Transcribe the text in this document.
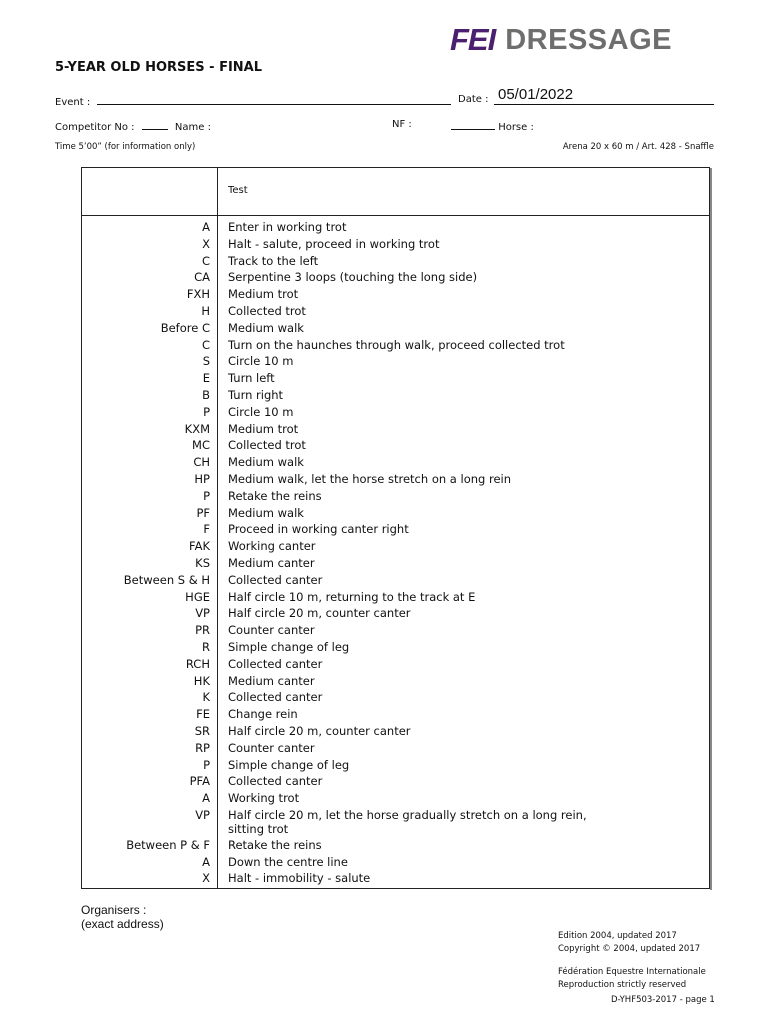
FEI DRESSAGE
5-YEAR OLD HORSES - FINAL
Event :	Date : 05/01/2022
Competitor No :	Name :	NF :	Horse :
Time 5’00” (for information only)	Arena 20 x 60 m / Art. 428 - Snaffle
Test
A	Enter in working trot
X	Halt - salute, proceed in working trot
C	Track to the left
CA	Serpentine 3 loops (touching the long side)
FXH	Medium trot
H	Collected trot
Before C	Medium walk
C	Turn on the haunches through walk, proceed collected trot
S	Circle 10 m
E	Turn left
B	Turn right
P	Circle 10 m
KXM	Medium trot
MC	Collected trot
CH	Medium walk
HP	Medium walk, let the horse stretch on a long rein
P	Retake the reins
PF	Medium walk
F	Proceed in working canter right
FAK	Working canter
KS	Medium canter
Between S & H	Collected canter
HGE	Half circle 10 m, returning to the track at E
VP	Half circle 20 m, counter canter
PR	Counter canter
R	Simple change of leg
RCH	Collected canter
HK	Medium canter
K	Collected canter
FE	Change rein
SR	Half circle 20 m, counter canter
RP	Counter canter
P	Simple change of leg
PFA	Collected canter
A	Working trot
VP Half circle 20 m, let the horse gradually stretch on a long rein,
sitting trot
Between P & F	Retake the reins
A	Down the centre line
X	Halt - immobility - salute
Organisers :
(exact address)
Edition 2004, updated 2017
Copyright © 2004, updated 2017
Fédération Equestre Internationale
Reproduction strictly reserved
D-YHF503-2017 - page 1
